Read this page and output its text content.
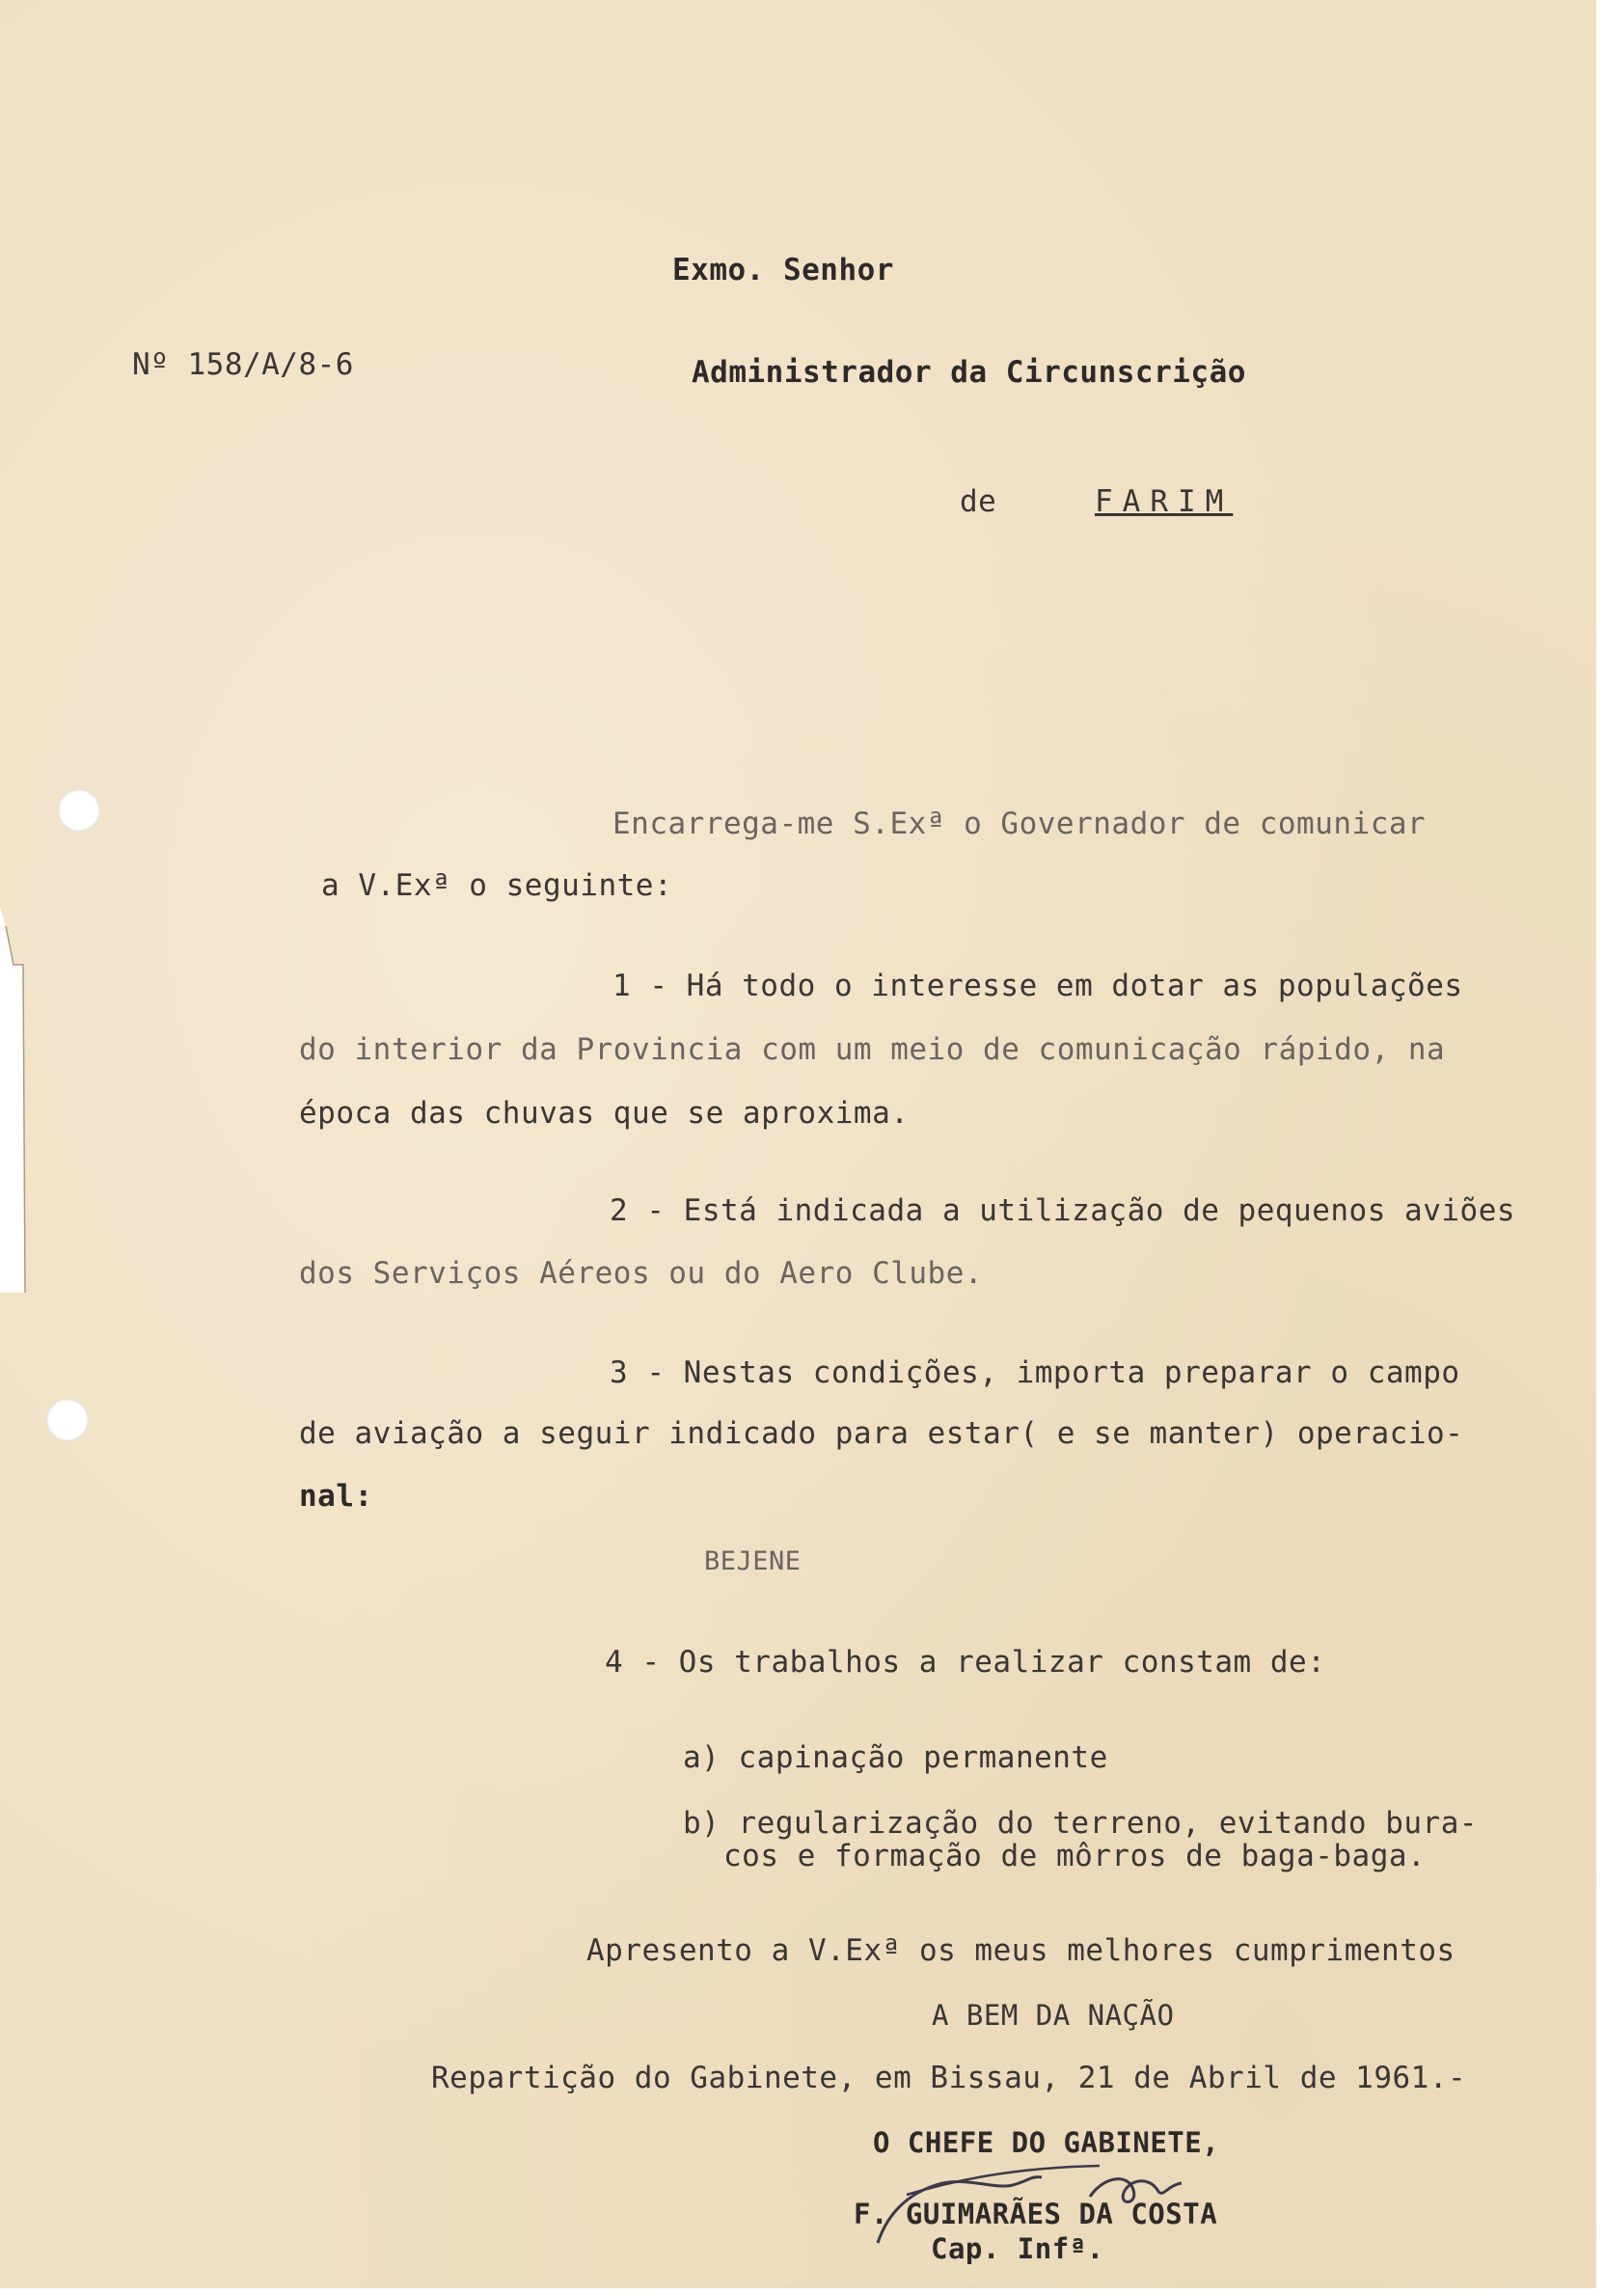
Exmo. Senhor
Nº 158/A/8-6	Administrador da Circunscrição
de	FARIM
Encarrega-me S.Exª o Governador de comunicar
a V.Exª o seguinte:
1 - Há todo o interesse em dotar as populações
do interior da Provincia com um meio de comunicação rápido, na
época das chuvas que se aproxima.
2 - Está indicada a utilização de pequenos aviões
dos Serviços Aéreos ou do Aero Clube.
3 - Nestas condições, importa preparar o campo
de aviação a seguir indicado para estar( e se manter) operacio-
nal:
BEJENE
4 - Os trabalhos a realizar constam de:
a) capinação permanente
b) regularização do terreno, evitando bura-
cos e formação de môrros de baga-baga.
Apresento a V.Exª os meus melhores cumprimentos
A BEM DA NAÇÃO
Repartição do Gabinete, em Bissau, 21 de Abril de 1961.-
O CHEFE DO GABINETE,
F. GUIMARÃES DA COSTA
Cap. Infª.
